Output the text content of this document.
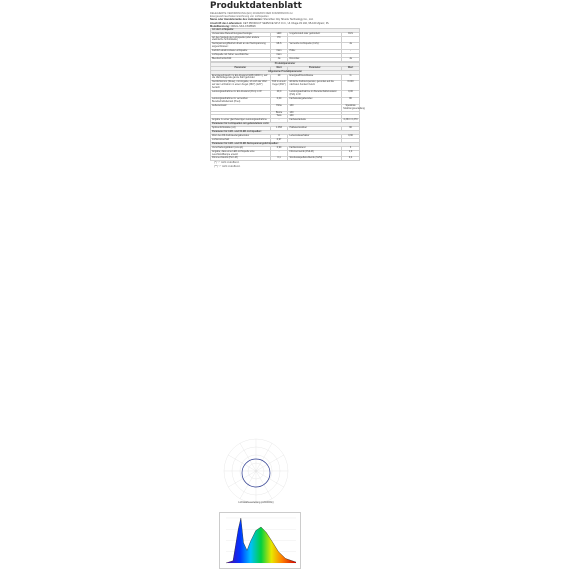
Produktdatenblatt
DELEGIERTE VERORDNUNG (EU) 2019/2015 DER KOMMISSION zur
Energieverbrauchskennzeichnung von Lichtquellen
Name oder Handelsmarke des Lieferanten: Shenzhen City Shuniu Technology Co., Ltd.
Anschrift des Lieferanten: CET PRODUCT SERVICE SP Z O.O., Ul. Dluga 33 102, 95-100 Zgierz, PL
Modellkennung: CRHG-SK4-CS38526
Art der Lichtquelle:			
Verwendete Beleuchtungstechnologie:	LED	Ungebündelt oder gebündelt:	DLS
Art des Sockels der Lichtquelle (oder andere elektrische Schnittstelle)	PC		
Netzspannung/Betrieb direkt an der Netzspannung angeschlossen:	MLS	Vernetzte Lichtquelle (CLS):	Ja
Farblich abstimmbare Lichtquelle:	Nein	Hülle:	-
Lichtquelle mit hoher Leuchtdichte:	Nein		
Blendschutzschild:	Ja	Dimmbar:	Ja
Produktparameter			
Parameter	Wert	Parameter	Wert
Allgemeine Produktparameter			
Energieverbrauch im Ein-Zustand (kWh/1000 h), auf die nächstliegende ganze Zahl gerundet	29	Energieeffizienzklasse	G
Nutzlichtstrom (Φuse), mit Angabe, ob sich der Wert auf den Lichtstrom in einem Kegel (360°) (120°) bezieht	810 in einem Kegel (360°)	ähnliche Farbtemperatur, gerundet auf die nächsten hundert Kelvin	6.000
Leistungsaufnahme im Ein-Zustand (Pon) in W	29,0	Leistungsaufnahme im Bereitschaftszustand (Psb) in W	0,00
Leistungsaufnahme im vernetzten Bereitschaftsbetrieb (Pnet)	0,00	Farbwiedergabeindex	80
Außeneinsatz	Höhe	130	Spektrale Strahlungsverteilung
	Breite	130	
	Tiefe	130	
Angabe zu einer gleichwertigen Leistungsaufnahme	-	Farbwertanteile	0,363 / 0,370
Parameter für Lichtquellen mit gebündeltem Licht:			
Spitzenlichtstärke (cd)	1.953	Halbwertswinkel	90
Parameter für LED- und OLED-Lichtquellen:			
Wert des R9-Farbwiedergabeindex	0	Lebensdauerfaktor	0,90
Lichtstromerhalt	0,97		
Parameter für LED- und OLED-Netzspannungslichtquellen:			
Verschiebungsfaktor (cos φ1)	0,90	Farbkonsistenz	3
Angabe, dass eine LED-Lichtquelle eine Leuchtstofflampe ersetzt	-	Flimmermetrik (PstLM)	1,0
Flimmer-Metrik (Pst LM)	0,1	Stroboskopeffekt-Metrik (SVM)	0,4
(*) "-" nicht zutreffend.
(**) "-" nicht zutreffend.
Lichtstärkeverteilung (cd/1000lm)
